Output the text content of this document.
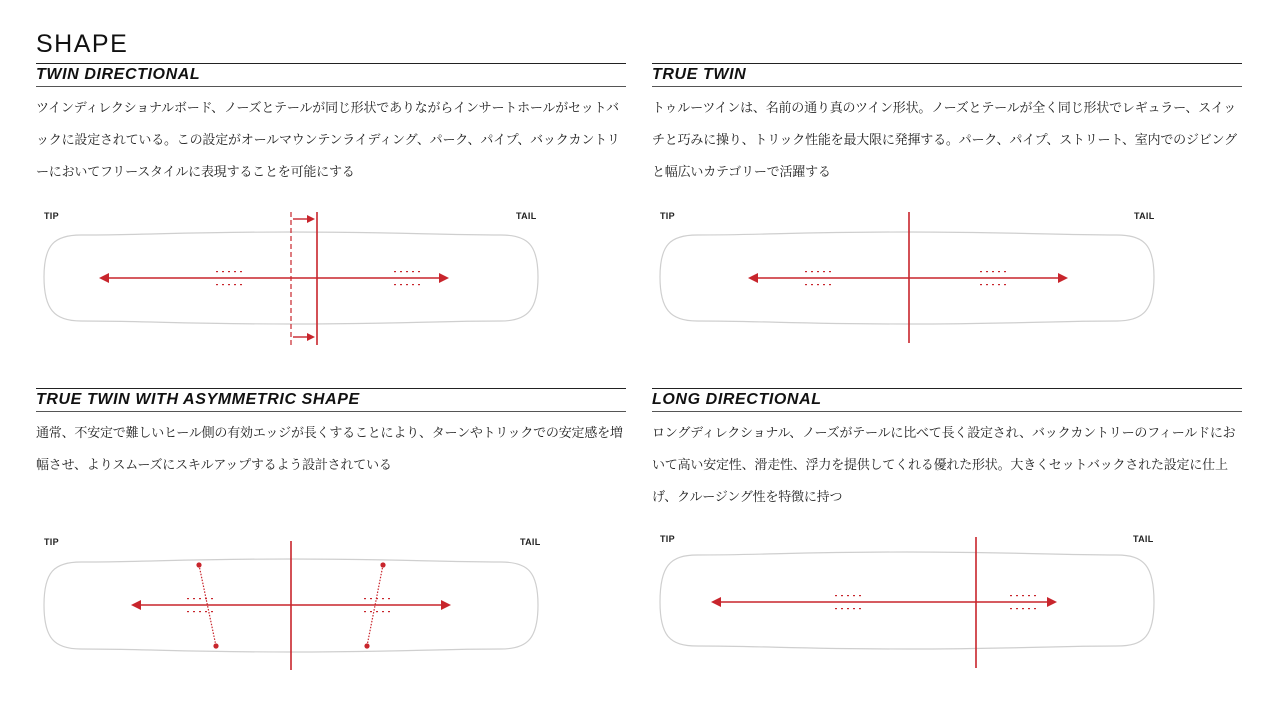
SHAPE
TWIN DIRECTIONAL

ツインディレクショナルボード、ノーズとテールが同じ形状でありながらインサートホールがセットバックに設定されている。この設定がオールマウンテンライディング、パーク、パイプ、バックカントリーにおいてフリースタイルに表現することを可能にする

TIP	TAIL
TRUE TWIN

トゥルーツインは、名前の通り真のツイン形状。ノーズとテールが全く同じ形状でレギュラー、スイッチと巧みに操り、トリック性能を最大限に発揮する。パーク、パイプ、ストリート、室内でのジビングと幅広いカテゴリーで活躍する

TIP	TAIL
TRUE TWIN WITH ASYMMETRIC SHAPE

通常、不安定で難しいヒール側の有効エッジが長くすることにより、ターンやトリックでの安定感を増幅させ、よりスムーズにスキルアップするよう設計されている

TIP	TAIL
LONG DIRECTIONAL

ロングディレクショナル、ノーズがテールに比べて長く設定され、バックカントリーのフィールドにおいて高い安定性、滑走性、浮力を提供してくれる優れた形状。大きくセットバックされた設定に仕上げ、クルージング性を特徴に持つ

TIP	TAIL
